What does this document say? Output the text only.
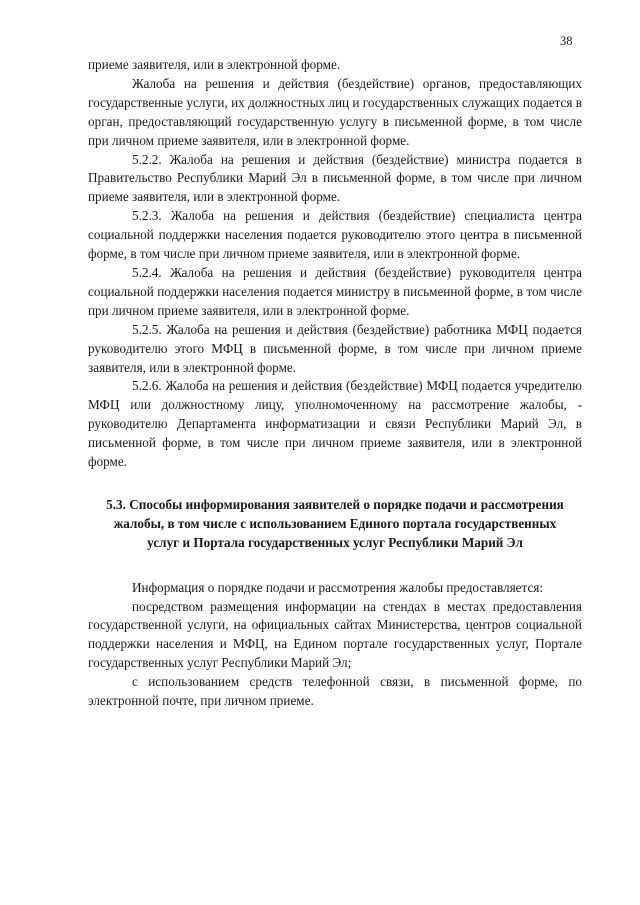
38

приеме заявителя, или в электронной форме.

Жалоба на решения и действия (бездействие) органов, предоставляющих государственные услуги, их должностных лиц и государственных служащих подается в орган, предоставляющий государственную услугу в письменной форме, в том числе при личном приеме заявителя, или в электронной форме.

5.2.2. Жалоба на решения и действия (бездействие) министра подается в Правительство Республики Марий Эл в письменной форме, в том числе при личном приеме заявителя, или в электронной форме.

5.2.3. Жалоба на решения и действия (бездействие) специалиста центра социальной поддержки населения подается руководителю этого центра в письменной форме, в том числе при личном приеме заявителя, или в электронной форме.

5.2.4. Жалоба на решения и действия (бездействие) руководителя центра социальной поддержки населения подается министру в письменной форме, в том числе при личном приеме заявителя, или в электронной форме.

5.2.5. Жалоба на решения и действия (бездействие) работника МФЦ подается руководителю этого МФЦ в письменной форме, в том числе при личном приеме заявителя, или в электронной форме.

5.2.6. Жалоба на решения и действия (бездействие) МФЦ подается учредителю МФЦ или должностному лицу, уполномоченному на рассмотрение жалобы, - руководителю Департамента информатизации и связи Республики Марий Эл, в письменной форме, в том числе при личном приеме заявителя, или в электронной форме.

5.3. Способы информирования заявителей о порядке подачи и рассмотрения жалобы, в том числе с использованием Единого портала государственных услуг и Портала государственных услуг Республики Марий Эл

Информация о порядке подачи и рассмотрения жалобы предоставляется:

посредством размещения информации на стендах в местах предоставления государственной услуги, на официальных сайтах Министерства, центров социальной поддержки населения и МФЦ, на Едином портале государственных услуг, Портале государственных услуг Республики Марий Эл;

с использованием средств телефонной связи, в письменной форме, по электронной почте, при личном приеме.
